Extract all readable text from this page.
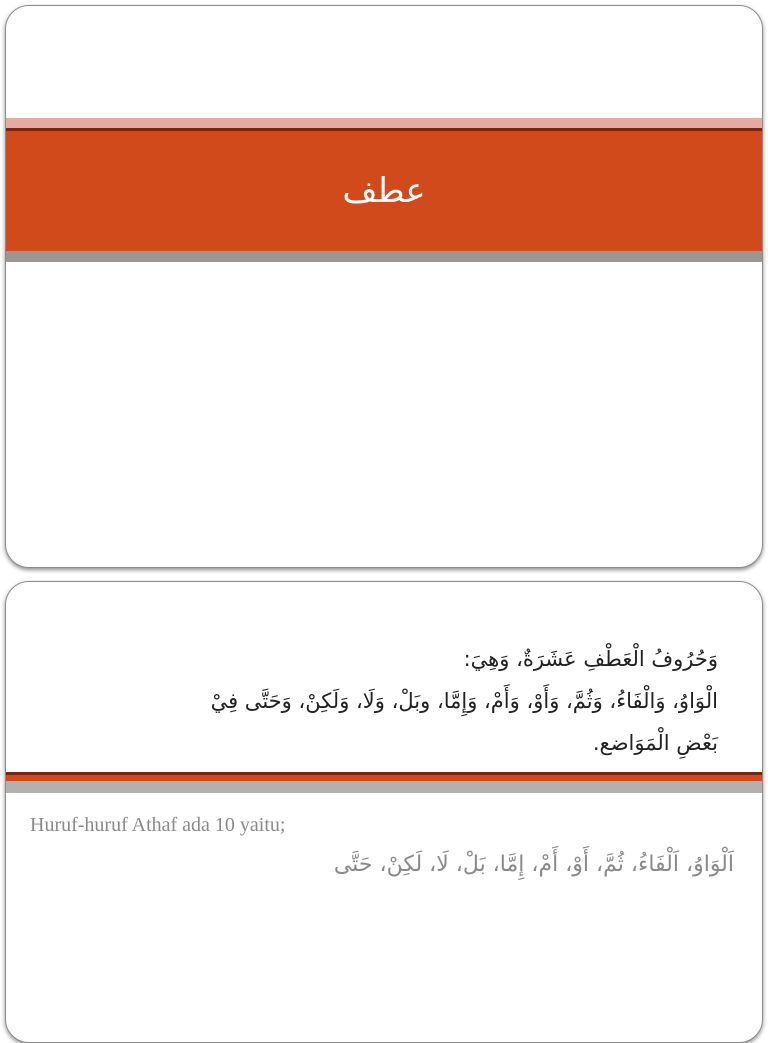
عطف
وَحُرُوفُ الْعَطْفِ عَشَرَةٌ، وَهِيَ:
الْوَاوُ، وَالْفَاءُ، وَثُمَّ، وَأَوْ، وَأَمْ، وَإِمَّا، وبَلْ، وَلَا، وَلَكِنْ، وَحَتَّى فِيْ
بَعْضِ الْمَوَاضع.
Huruf-huruf Athaf ada 10 yaitu;
اَلْوَاوُ، اَلْفَاءُ، ثُمَّ، أَوْ، أَمْ، إِمَّا، بَلْ، لَا، لَكِنْ، حَتَّى
